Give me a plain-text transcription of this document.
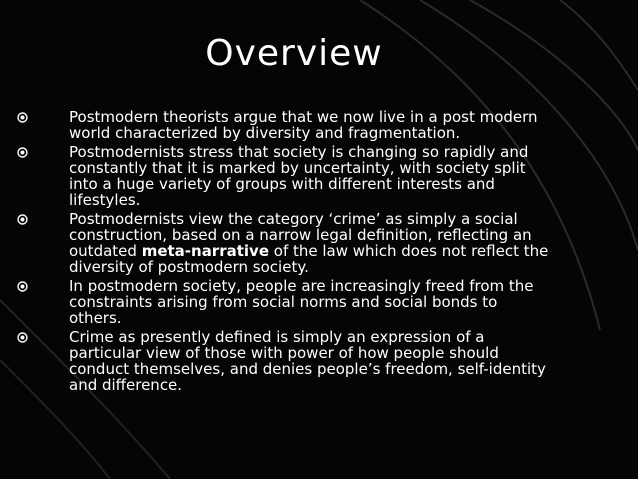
Overview
Postmodern theorists argue that we now live in a post modern world characterized by diversity and fragmentation.
Postmodernists stress that society is changing so rapidly and constantly that it is marked by uncertainty, with society split into a huge variety of groups with different interests and lifestyles.
Postmodernists view the category ‘crime’ as simply a social construction, based on a narrow legal definition, reflecting an outdated meta-narrative of the law which does not reflect the diversity of postmodern society.
In postmodern society, people are increasingly freed from the constraints arising from social norms and social bonds to others.
Crime as presently defined is simply an expression of a particular view of those with power of how people should conduct themselves, and denies people’s freedom, self-identity and difference.
